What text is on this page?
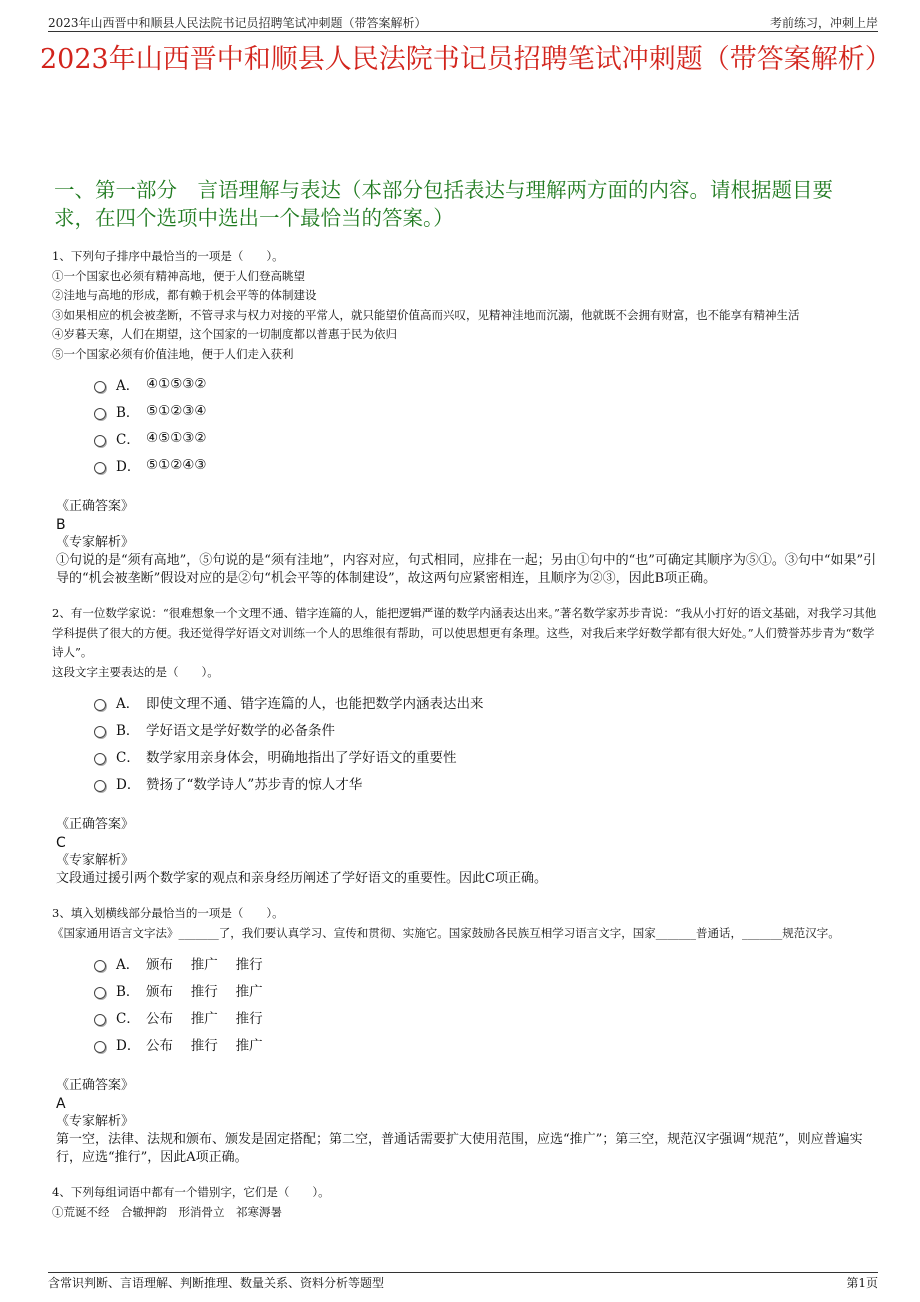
2023年山西晋中和顺县人民法院书记员招聘笔试冲刺题（带答案解析）	考前练习，冲刺上岸
2023年山西晋中和顺县人民法院书记员招聘笔试冲刺题（带答案解析）
一、第一部分　言语理解与表达（本部分包括表达与理解两方面的内容。请根据题目要求，在四个选项中选出一个最恰当的答案。）

1、下列句子排序中最恰当的一项是（　　）。

①一个国家也必须有精神高地，便于人们登高眺望

②洼地与高地的形成，都有赖于机会平等的体制建设

③如果相应的机会被垄断，不管寻求与权力对接的平常人，就只能望价值高而兴叹，见精神洼地而沉溺，他就既不会拥有财富，也不能享有精神生活

④岁暮天寒，人们在期望，这个国家的一切制度都以普惠于民为依归

⑤一个国家必须有价值洼地，便于人们走入获利

A． ④①⑤③②
B． ⑤①②③④
C． ④⑤①③②
D． ⑤①②④③

《正确答案》

B

《专家解析》

①句说的是“须有高地”，⑤句说的是“须有洼地”，内容对应，句式相同，应排在一起；另由①句中的“也”可确定其顺序为⑤①。③句中“如果”引导的“机会被垄断”假设对应的是②句“机会平等的体制建设”，故这两句应紧密相连，且顺序为②③，因此B项正确。

2、有一位数学家说：“很难想象一个文理不通、错字连篇的人，能把逻辑严谨的数学内涵表达出来。”著名数学家苏步青说：“我从小打好的语文基础，对我学习其他学科提供了很大的方便。我还觉得学好语文对训练一个人的思维很有帮助，可以使思想更有条理。这些，对我后来学好数学都有很大好处。”人们赞誉苏步青为“数学诗人”。

这段文字主要表达的是（　　）。

A． 即使文理不通、错字连篇的人，也能把数学内涵表达出来
B． 学好语文是学好数学的必备条件
C． 数学家用亲身体会，明确地指出了学好语文的重要性
D． 赞扬了“数学诗人”苏步青的惊人才华

《正确答案》

C

《专家解析》

文段通过援引两个数学家的观点和亲身经历阐述了学好语文的重要性。因此C项正确。

3、填入划横线部分最恰当的一项是（　　）。

《国家通用语言文字法》_______了，我们要认真学习、宣传和贯彻、实施它。国家鼓励各民族互相学习语言文字，国家_______普通话，_______规范汉字。

A． 颁布　 推广　 推行
B． 颁布　 推行　 推广
C． 公布　 推广　 推行
D． 公布　 推行　 推广

《正确答案》

A

《专家解析》

第一空，法律、法规和颁布、颁发是固定搭配；第二空，普通话需要扩大使用范围，应选“推广”；第三空，规范汉字强调“规范”，则应普遍实行，应选“推行”，因此A项正确。

4、下列每组词语中都有一个错别字，它们是（　　）。

①荒诞不经　合辙押韵　形消骨立　祁寒溽暑

含常识判断、言语理解、判断推理、数量关系、资料分析等题型	第1页
